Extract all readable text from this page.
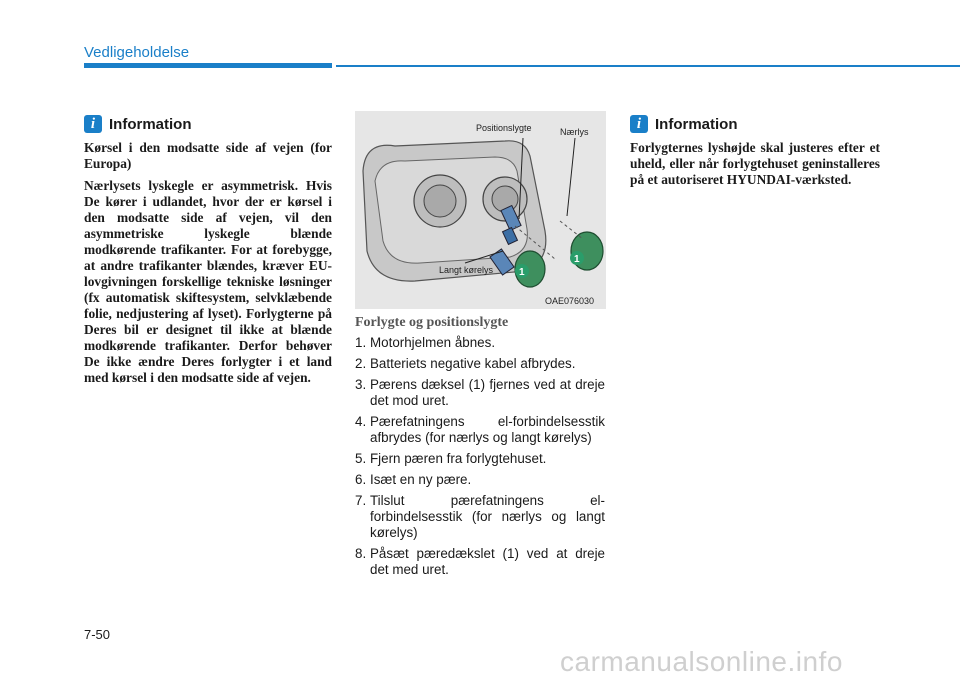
Vedligeholdelse
i Information

Kørsel i den modsatte side af vejen (for Europa)

Nærlysets lyskegle er asymmetrisk. Hvis De kører i udlandet, hvor der er kørsel i den modsatte side af vejen, vil den asymmetriske lyskegle blænde modkørende trafikanter. For at forebygge, at andre trafikanter blændes, kræver EU-lovgivningen forskellige tekniske løsninger (fx automatisk skiftesystem, selvklæbende folie, nedjustering af lyset). Forlygterne på Deres bil er designet til ikke at blænde modkørende trafikanter. Derfor behøver De ikke ændre Deres forlygter i et land med kørsel i den modsatte side af vejen.

Positionslygte	Nærlys
Langt kørelys	1
1
OAE076030
Forlygte og positionslygte
1. Motorhjelmen åbnes.
2. Batteriets negative kabel afbrydes.
3. Pærens dæksel (1) fjernes ved at dreje det mod uret.
4. Pærefatningens el-forbindelsesstik afbrydes (for nærlys og langt kørelys)
5. Fjern pæren fra forlygtehuset.
6. Isæt en ny pære.
7. Tilslut pærefatningens el-forbindelsesstik (for nærlys og langt kørelys)
8. Påsæt pæredækslet (1) ved at dreje det med uret.
i Information

Forlygternes lyshøjde skal justeres efter et uheld, eller når forlygtehuset geninstalleres på et autoriseret HYUNDAI-værksted.

7-50
carmanualsonline.info
